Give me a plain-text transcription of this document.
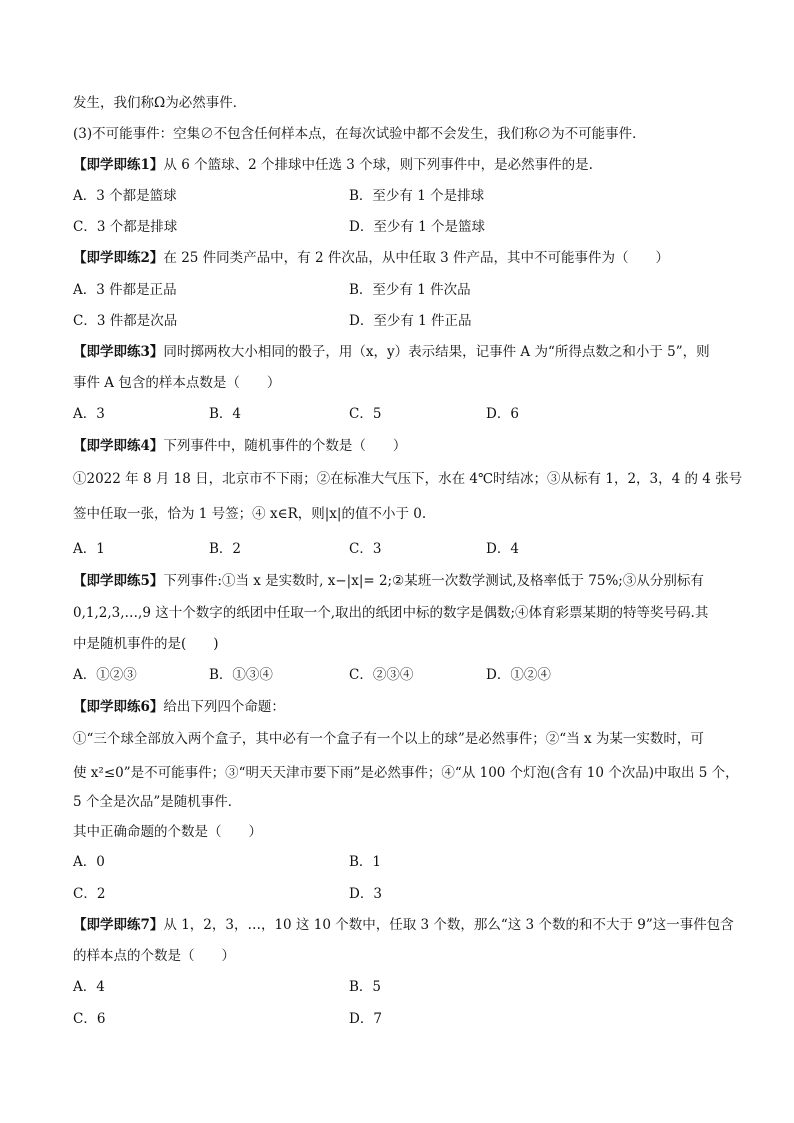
发生，我们称Ω为必然事件．
(3)不可能事件：空集∅不包含任何样本点，在每次试验中都不会发生，我们称∅为不可能事件．
【即学即练1】从 6 个篮球、2 个排球中任选 3 个球，则下列事件中，是必然事件的是.
A．3 个都是篮球	B．至少有 1 个是排球
C．3 个都是排球	D．至少有 1 个是篮球
【即学即练2】在 25 件同类产品中，有 2 件次品，从中任取 3 件产品，其中不可能事件为（　　）
A．3 件都是正品	B．至少有 1 件次品
C．3 件都是次品	D．至少有 1 件正品
【即学即练3】同时掷两枚大小相同的骰子，用（x，y）表示结果，记事件 A 为“所得点数之和小于 5”，则
事件 A 包含的样本点数是（　　）
A．3	B．4	C．5	D．6
【即学即练4】下列事件中，随机事件的个数是（　　）
①2022 年 8 月 18 日，北京市不下雨；②在标准大气压下，水在 4℃时结冰；③从标有 1，2，3，4 的 4 张号
签中任取一张，恰为 1 号签；④ x∈R，则|x|的值不小于 0.
A．1	B．2	C．3	D．4
【即学即练5】下列事件:①当 x 是实数时, x−|x|= 2;②某班一次数学测试,及格率低于 75%;③从分别标有
0,1,2,3,…,9 这十个数字的纸团中任取一个,取出的纸团中标的数字是偶数;④体育彩票某期的特等奖号码.其
中是随机事件的是(　　)
A．①②③	B．①③④	C．②③④	D．①②④
【即学即练6】给出下列四个命题：
①“三个球全部放入两个盒子，其中必有一个盒子有一个以上的球”是必然事件；②“当 x 为某一实数时，可
使 x²≤0”是不可能事件；③“明天天津市要下雨”是必然事件；④“从 100 个灯泡(含有 10 个次品)中取出 5 个，
5 个全是次品”是随机事件．
其中正确命题的个数是（　　）
A．0	B．1
C．2	D．3
【即学即练7】从 1，2，3，…，10 这 10 个数中，任取 3 个数，那么“这 3 个数的和不大于 9”这一事件包含
的样本点的个数是（　　）
A．4	B．5
C．6	D．7
